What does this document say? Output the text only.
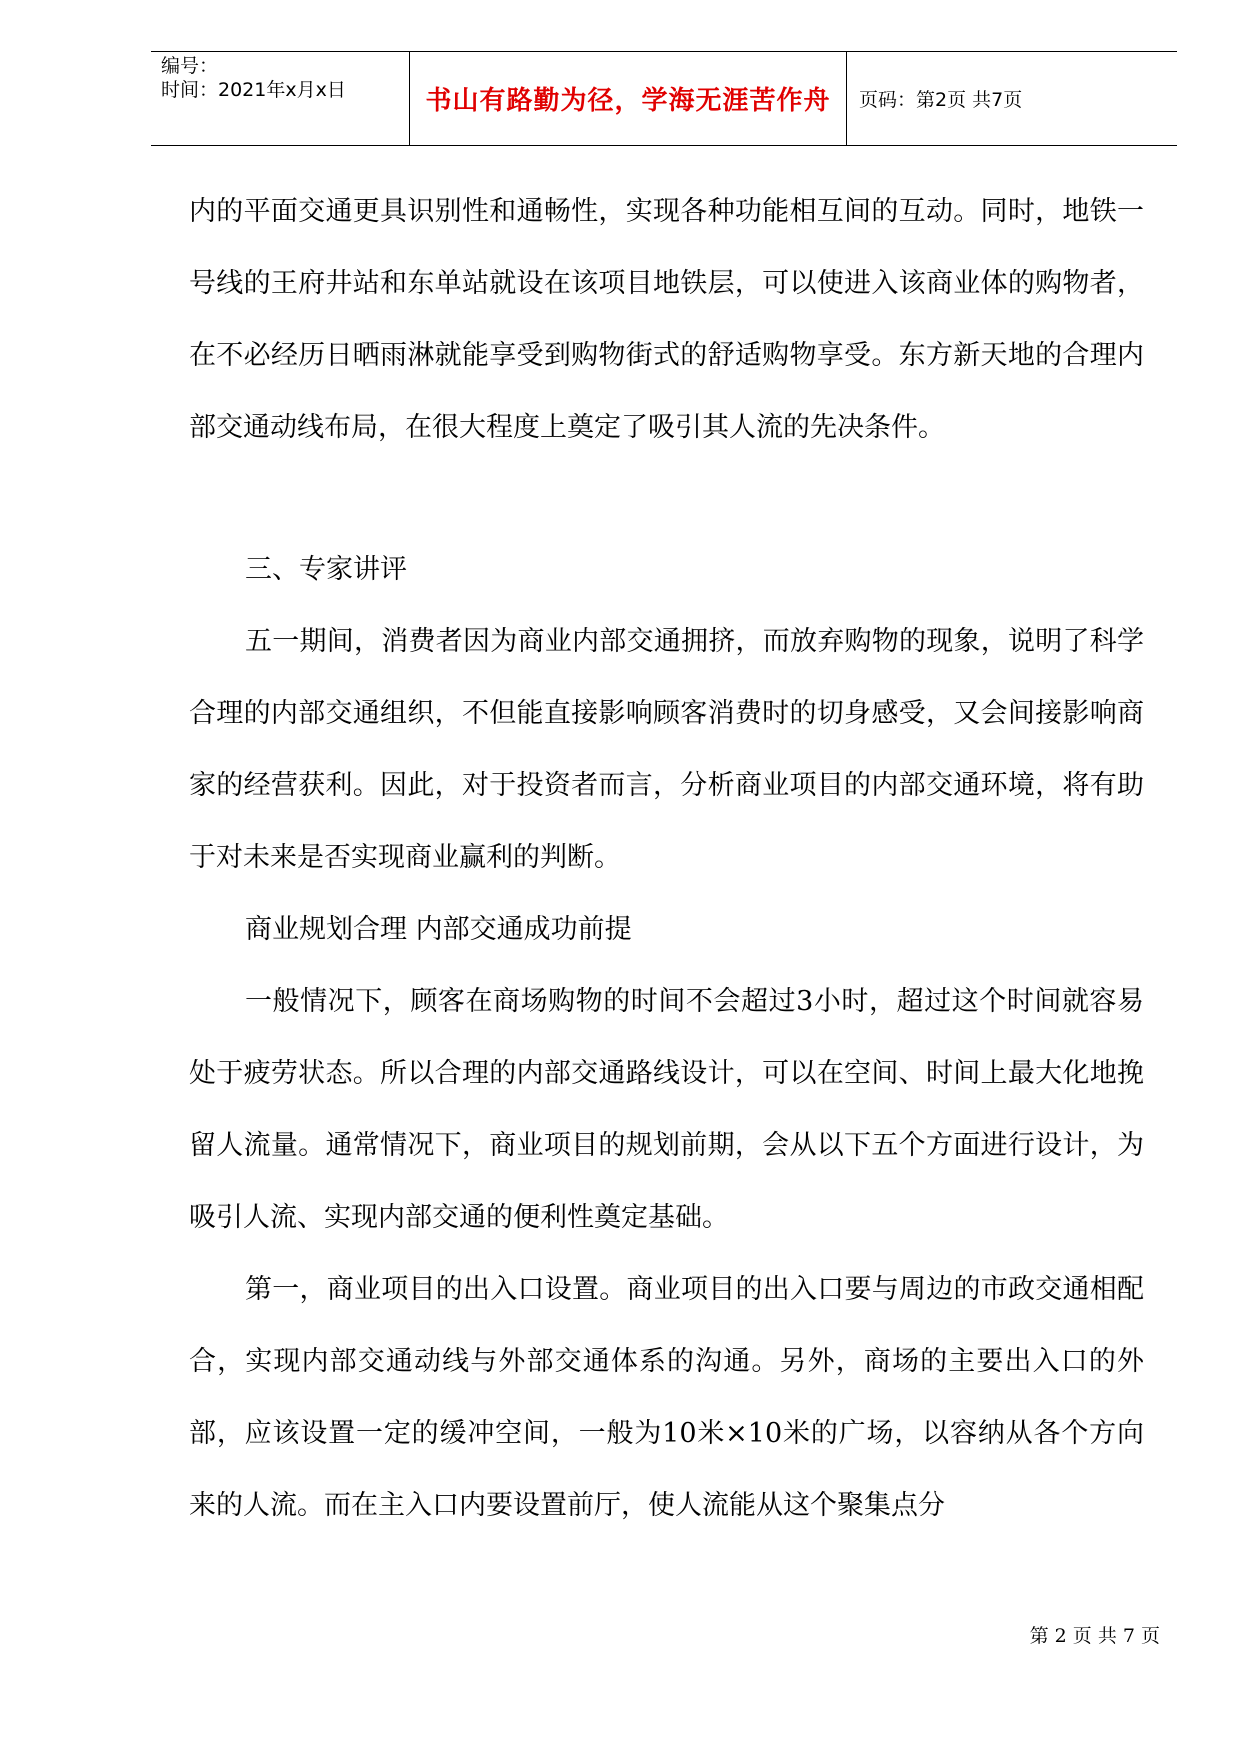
编号：
时间：2021年x月x日	书山有路勤为径，学海无涯苦作舟 页码：第2页 共7页

内的平面交通更具识别性和通畅性，实现各种功能相互间的互动。同时，地铁一号线的王府井站和东单站就设在该项目地铁层，可以使进入该商业体的购物者，在不必经历日晒雨淋就能享受到购物街式的舒适购物享受。东方新天地的合理内部交通动线布局，在很大程度上奠定了吸引其人流的先决条件。

三、专家讲评

五一期间，消费者因为商业内部交通拥挤，而放弃购物的现象，说明了科学合理的内部交通组织，不但能直接影响顾客消费时的切身感受，又会间接影响商家的经营获利。因此，对于投资者而言，分析商业项目的内部交通环境，将有助于对未来是否实现商业赢利的判断。

商业规划合理 内部交通成功前提

一般情况下，顾客在商场购物的时间不会超过3小时，超过这个时间就容易处于疲劳状态。所以合理的内部交通路线设计，可以在空间、时间上最大化地挽留人流量。通常情况下，商业项目的规划前期，会从以下五个方面进行设计，为吸引人流、实现内部交通的便利性奠定基础。

第一，商业项目的出入口设置。商业项目的出入口要与周边的市政交通相配合，实现内部交通动线与外部交通体系的沟通。另外，商场的主要出入口的外部，应该设置一定的缓冲空间，一般为10米×10米的广场，以容纳从各个方向来的人流。而在主入口内要设置前厅，使人流能从这个聚集点分

第 2 页 共 7 页
